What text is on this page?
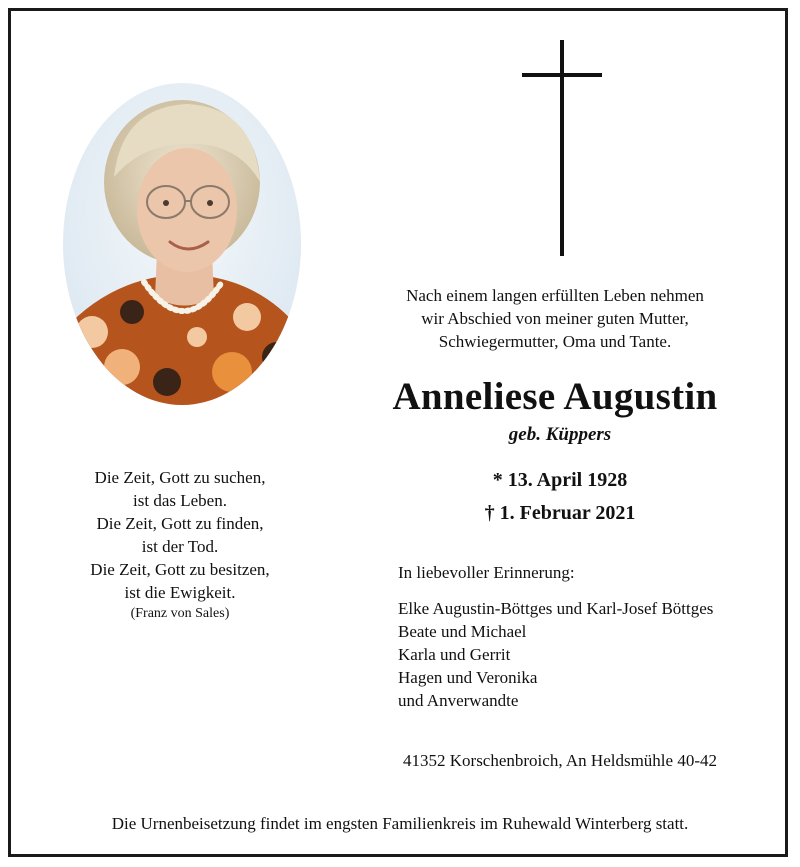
Nach einem langen erfüllten Leben nehmen
wir Abschied von meiner guten Mutter,
Schwiegermutter, Oma und Tante.
Anneliese Augustin
geb. Küppers
* 13. April 1928
† 1. Februar 2021
Die Zeit, Gott zu suchen,
ist das Leben.
Die Zeit, Gott zu finden,
ist der Tod.
Die Zeit, Gott zu besitzen,
ist die Ewigkeit.
(Franz von Sales)
In liebevoller Erinnerung:
Elke Augustin-Böttges und Karl-Josef Böttges
Beate und Michael
Karla und Gerrit
Hagen und Veronika
und Anverwandte
41352 Korschenbroich, An Heldsmühle 40-42
Die Urnenbeisetzung findet im engsten Familienkreis im Ruhewald Winterberg statt.
